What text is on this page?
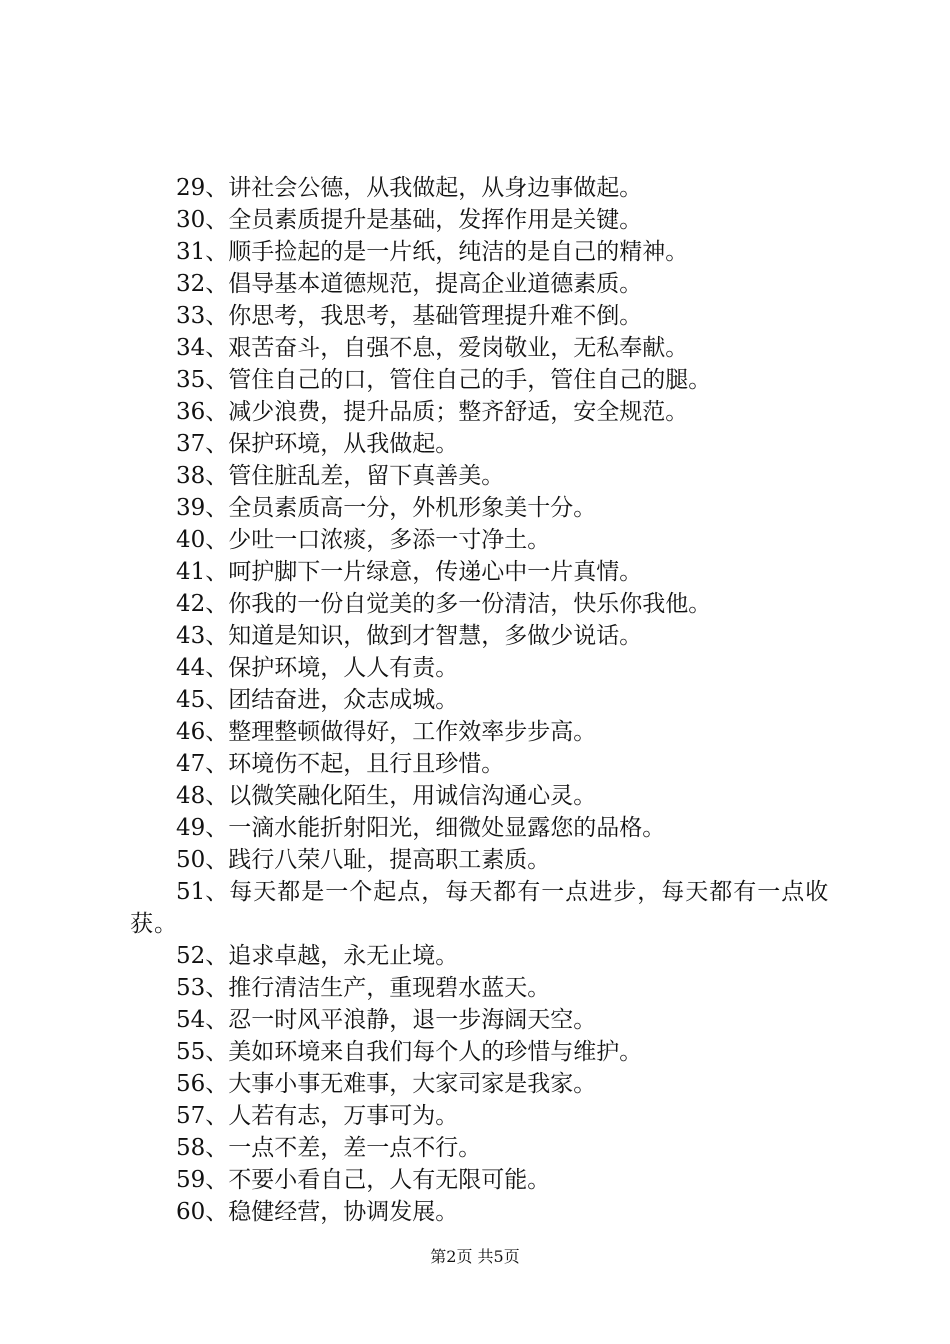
29、讲社会公德，从我做起，从身边事做起。
30、全员素质提升是基础，发挥作用是关键。
31、顺手捡起的是一片纸，纯洁的是自己的精神。
32、倡导基本道德规范，提高企业道德素质。
33、你思考，我思考，基础管理提升难不倒。
34、艰苦奋斗，自强不息，爱岗敬业，无私奉献。
35、管住自己的口，管住自己的手，管住自己的腿。
36、减少浪费，提升品质；整齐舒适，安全规范。
37、保护环境，从我做起。
38、管住脏乱差，留下真善美。
39、全员素质高一分，外机形象美十分。
40、少吐一口浓痰，多添一寸净土。
41、呵护脚下一片绿意，传递心中一片真情。
42、你我的一份自觉美的多一份清洁，快乐你我他。
43、知道是知识，做到才智慧，多做少说话。
44、保护环境，人人有责。
45、团结奋进，众志成城。
46、整理整顿做得好，工作效率步步高。
47、环境伤不起，且行且珍惜。
48、以微笑融化陌生，用诚信沟通心灵。
49、一滴水能折射阳光，细微处显露您的品格。
50、践行八荣八耻，提高职工素质。
51、每天都是一个起点，每天都有一点进步，每天都有一点收获。
52、追求卓越，永无止境。
53、推行清洁生产，重现碧水蓝天。
54、忍一时风平浪静，退一步海阔天空。
55、美如环境来自我们每个人的珍惜与维护。
56、大事小事无难事，大家司家是我家。
57、人若有志，万事可为。
58、一点不差，差一点不行。
59、不要小看自己，人有无限可能。
60、稳健经营，协调发展。
第2页 共5页
